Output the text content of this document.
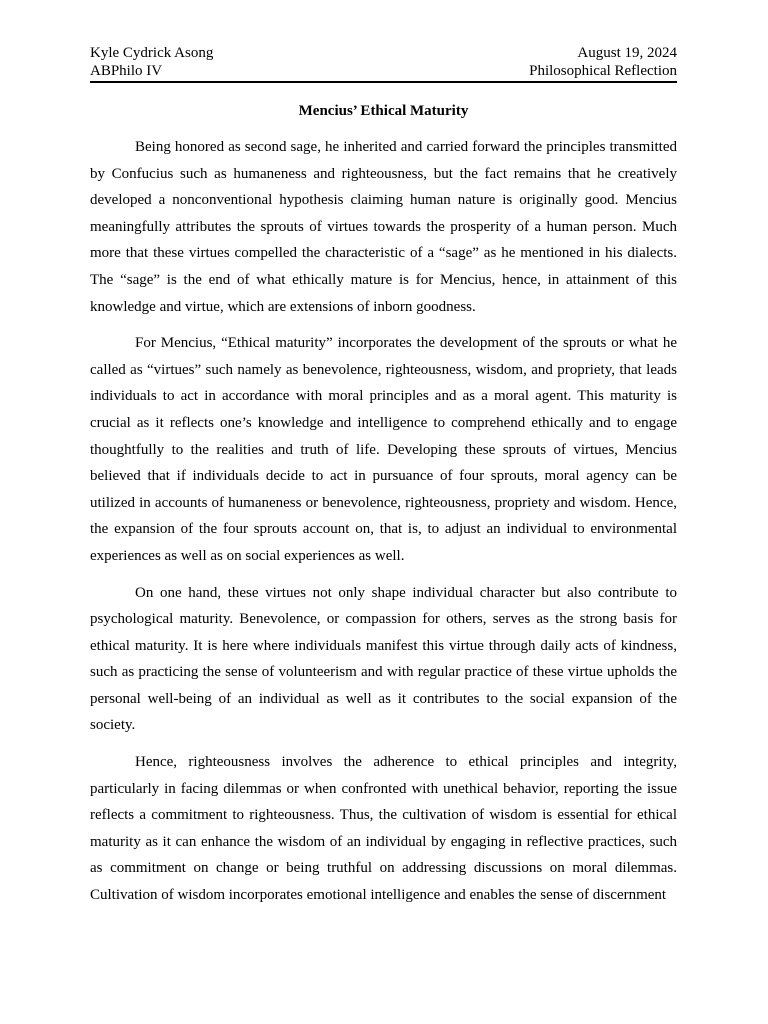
Kyle Cydrick Asong	August 19, 2024
ABPhilo IV	Philosophical Reflection
Mencius’ Ethical Maturity

Being honored as second sage, he inherited and carried forward the principles transmitted by Confucius such as humaneness and righteousness, but the fact remains that he creatively developed a nonconventional hypothesis claiming human nature is originally good. Mencius meaningfully attributes the sprouts of virtues towards the prosperity of a human person. Much more that these virtues compelled the characteristic of a “sage” as he mentioned in his dialects. The “sage” is the end of what ethically mature is for Mencius, hence, in attainment of this knowledge and virtue, which are extensions of inborn goodness.

For Mencius, “Ethical maturity” incorporates the development of the sprouts or what he called as “virtues” such namely as benevolence, righteousness, wisdom, and propriety, that leads individuals to act in accordance with moral principles and as a moral agent. This maturity is crucial as it reflects one’s knowledge and intelligence to comprehend ethically and to engage thoughtfully to the realities and truth of life. Developing these sprouts of virtues, Mencius believed that if individuals decide to act in pursuance of four sprouts, moral agency can be utilized in accounts of humaneness or benevolence, righteousness, propriety and wisdom. Hence, the expansion of the four sprouts account on, that is, to adjust an individual to environmental experiences as well as on social experiences as well.

On one hand, these virtues not only shape individual character but also contribute to psychological maturity. Benevolence, or compassion for others, serves as the strong basis for ethical maturity. It is here where individuals manifest this virtue through daily acts of kindness, such as practicing the sense of volunteerism and with regular practice of these virtue upholds the personal well-being of an individual as well as it contributes to the social expansion of the society.

Hence, righteousness involves the adherence to ethical principles and integrity, particularly in facing dilemmas or when confronted with unethical behavior, reporting the issue reflects a commitment to righteousness. Thus, the cultivation of wisdom is essential for ethical maturity as it can enhance the wisdom of an individual by engaging in reflective practices, such as commitment on change or being truthful on addressing discussions on moral dilemmas. Cultivation of wisdom incorporates emotional intelligence and enables the sense of discernment
